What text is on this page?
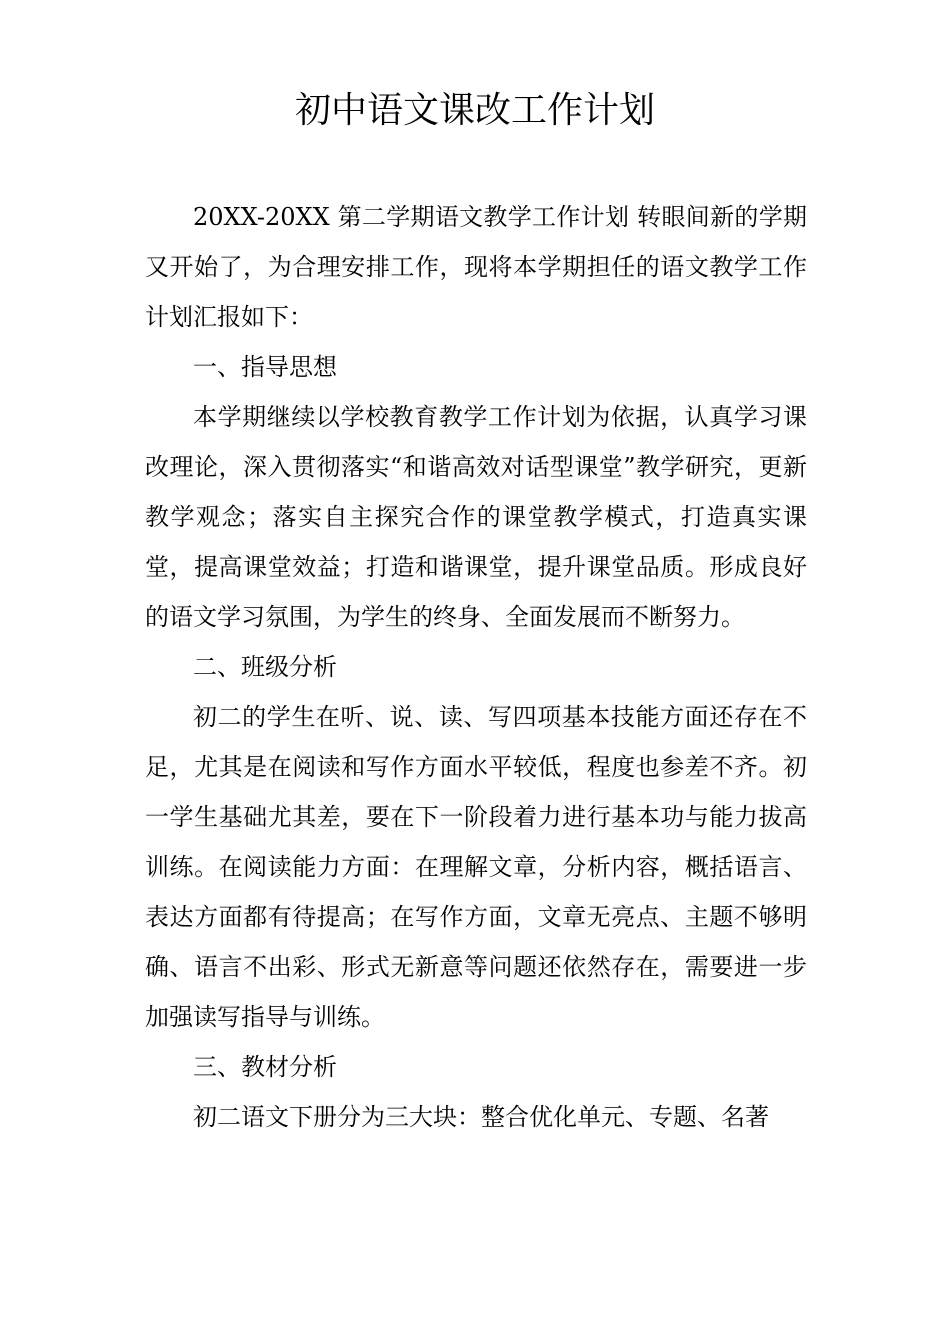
初中语文课改工作计划

20XX-20XX 第二学期语文教学工作计划 转眼间新的学期又开始了，为合理安排工作，现将本学期担任的语文教学工作计划汇报如下：

一、指导思想

本学期继续以学校教育教学工作计划为依据，认真学习课改理论，深入贯彻落实“和谐高效对话型课堂”教学研究，更新教学观念；落实自主探究合作的课堂教学模式，打造真实课堂，提高课堂效益；打造和谐课堂，提升课堂品质。形成良好的语文学习氛围，为学生的终身、全面发展而不断努力。

二、班级分析

初二的学生在听、说、读、写四项基本技能方面还存在不足，尤其是在阅读和写作方面水平较低，程度也参差不齐。初一学生基础尤其差，要在下一阶段着力进行基本功与能力拔高训练。在阅读能力方面：在理解文章，分析内容，概括语言、表达方面都有待提高；在写作方面，文章无亮点、主题不够明确、语言不出彩、形式无新意等问题还依然存在，需要进一步加强读写指导与训练。

三、教材分析

初二语文下册分为三大块：整合优化单元、专题、名著
